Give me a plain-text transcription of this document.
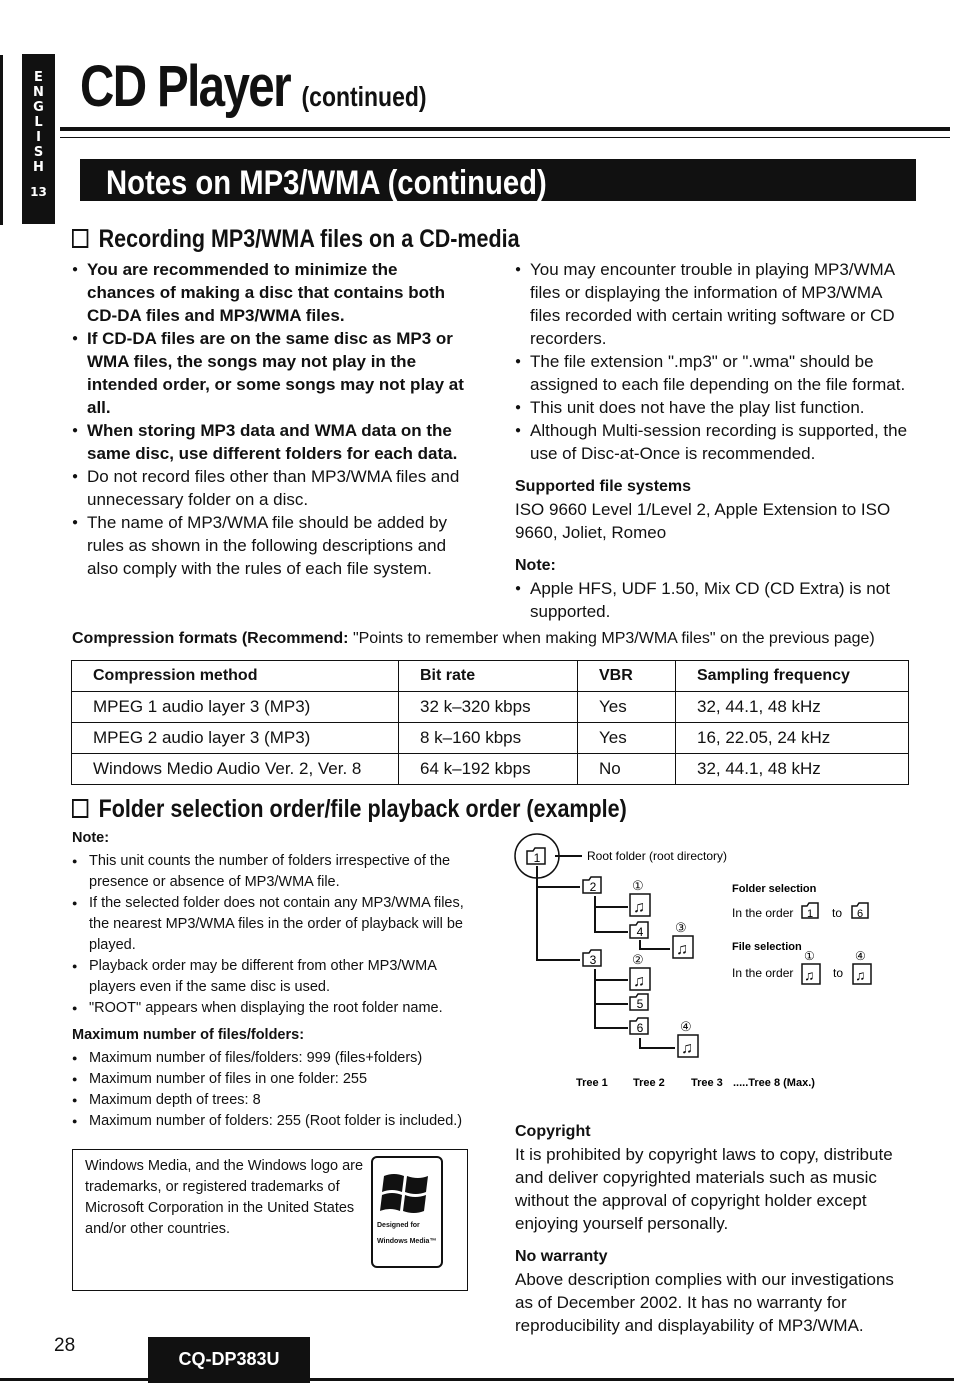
E
N
G
L
I
S
H
13
CD Player (continued)
Notes on MP3/WMA (continued)
Recording MP3/WMA files on a CD-media
● You are recommended to minimize the chances of making a disc that contains both CD-DA files and MP3/WMA files.
● If CD-DA files are on the same disc as MP3 or WMA files, the songs may not play in the intended order, or some songs may not play at all.
● When storing MP3 data and WMA data on the same disc, use different folders for each data.
● Do not record files other than MP3/WMA files and unnecessary folder on a disc.
● The name of MP3/WMA file should be added by rules as shown in the following descriptions and also comply with the rules of each file system.
● You may encounter trouble in playing MP3/WMA files or displaying the information of MP3/WMA files recorded with certain writing software or CD recorders.
● The file extension ".mp3" or ".wma" should be assigned to each file depending on the file format.
● This unit does not have the play list function.
● Although Multi-session recording is supported, the use of Disc-at-Once is recommended.
Supported file systems

ISO 9660 Level 1/Level 2, Apple Extension to ISO 9660, Joliet, Romeo

Note:
● Apple HFS, UDF 1.50, Mix CD (CD Extra) is not supported.
Compression formats (Recommend: "Points to remember when making MP3/WMA files" on the previous page)
Compression method	Bit rate	VBR	Sampling frequency
MPEG 1 audio layer 3 (MP3)	32 k–320 kbps	Yes	32, 44.1, 48 kHz
MPEG 2 audio layer 3 (MP3)	8 k–160 kbps	Yes	16, 22.05, 24 kHz
Windows Medio Audio Ver. 2, Ver. 8	64 k–192 kbps	No	32, 44.1, 48 kHz
Folder selection order/file playback order (example)
Note:
● This unit counts the number of folders irrespective of the presence or absence of MP3/WMA file.
● If the selected folder does not contain any MP3/WMA files, the nearest MP3/WMA files in the order of playback will be played.
● Playback order may be different from other MP3/WMA players even if the same disc is used.
● "ROOT" appears when displaying the root folder name.
Maximum number of files/folders:
● Maximum number of files/folders: 999 (files+folders)
● Maximum number of files in one folder: 255
● Maximum depth of trees: 8
● Maximum number of folders: 255 (Root folder is included.)
1
2
3
4
5
6
♫
①
♫
③
♫
②
♫
④
Root folder (root directory)
Folder selection
In the order 1 to 6
File selection
In the order ♫
①
to ♫
④
Tree 1 Tree 2 Tree 3 .....Tree 8 (Max.)
Windows Media, and the Windows logo are trademarks, or registered trademarks of Microsoft Corporation in the United States and/or other countries.	Designed for
Windows Media™
Copyright

It is prohibited by copyright laws to copy, distribute and deliver copyrighted materials such as music without the approval of copyright holder except enjoying yourself personally.

No warranty

Above description complies with our investigations as of December 2002. It has no warranty for reproducibility and displayability of MP3/WMA.

28
CQ-DP383U
